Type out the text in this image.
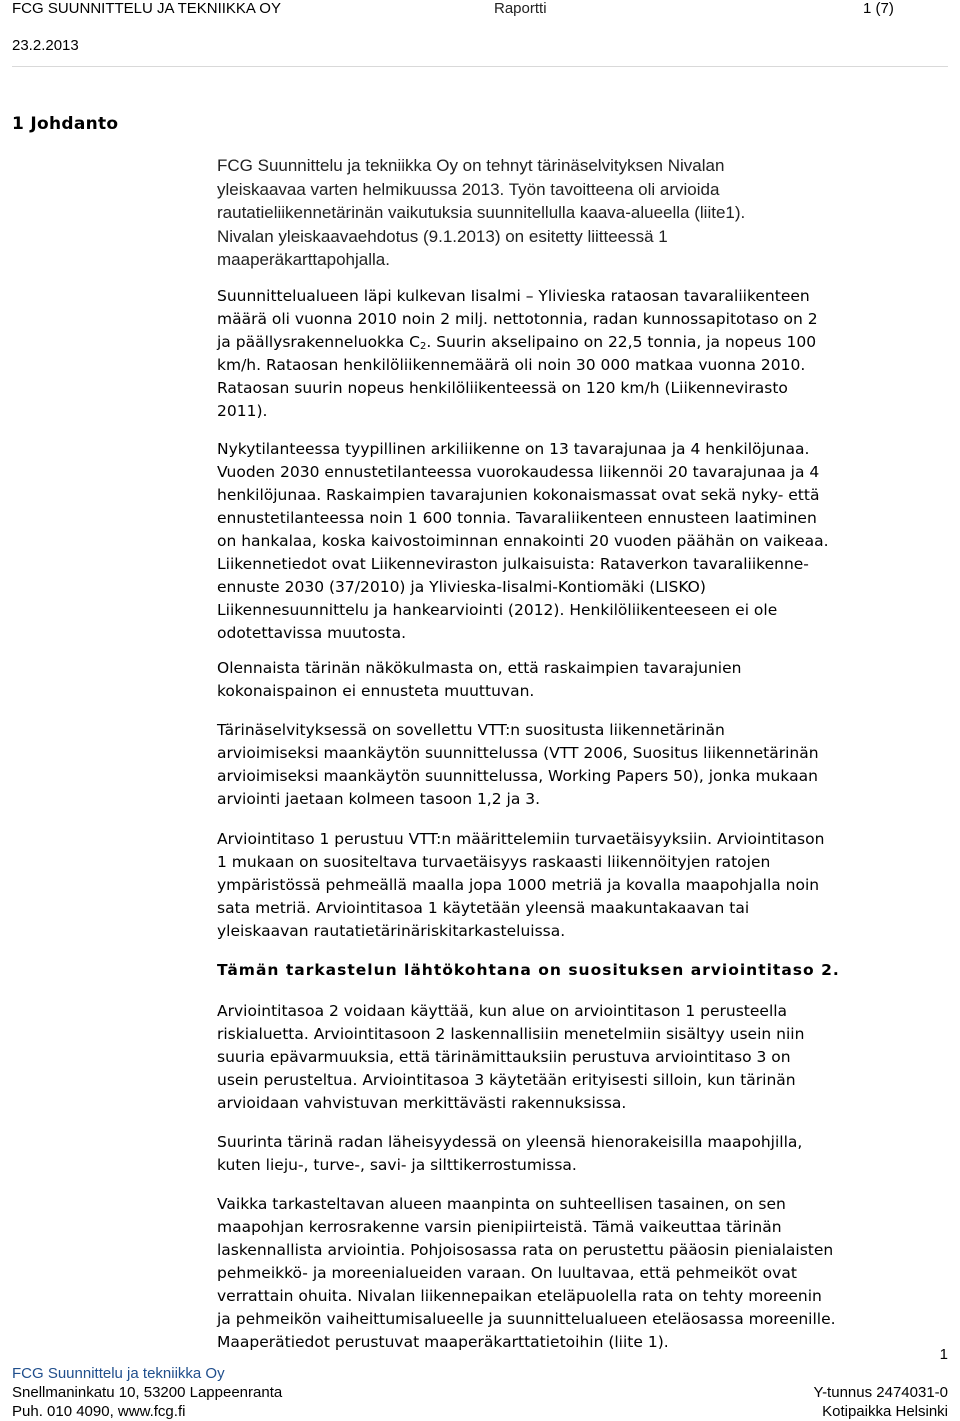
FCG SUUNNITTELU JA TEKNIIKKA OY	Raportti	1 (7)
23.2.2013
1 Johdanto

FCG Suunnittelu ja tekniikka Oy on tehnyt tärinäselvityksen Nivalan
yleiskaavaa varten helmikuussa 2013. Työn tavoitteena oli arvioida
rautatieliikennetärinän vaikutuksia suunnitellulla kaava-alueella (liite1).
Nivalan yleiskaavaehdotus (9.1.2013) on esitetty liitteessä 1
maaperäkarttapohjalla.

Suunnittelualueen läpi kulkevan Iisalmi – Ylivieska rataosan tavaraliikenteen
määrä oli vuonna 2010 noin 2 milj. nettotonnia, radan kunnossapitotaso on 2
ja päällysrakenneluokka $C_2$. Suurin akselipaino on 22,5 tonnia, ja nopeus 100
km/h. Rataosan henkilöliikennemäärä oli noin 30 000 matkaa vuonna 2010.
Rataosan suurin nopeus henkilöliikenteessä on 120 km/h (Liikennevirasto
2011).

Nykytilanteessa tyypillinen arkiliikenne on 13 tavarajunaa ja 4 henkilöjunaa.
Vuoden 2030 ennustetilanteessa vuorokaudessa liikennöi 20 tavarajunaa ja 4
henkilöjunaa. Raskaimpien tavarajunien kokonaismassat ovat sekä nyky- että
ennustetilanteessa noin 1 600 tonnia. Tavaraliikenteen ennusteen laatiminen
on hankalaa, koska kaivostoiminnan ennakointi 20 vuoden päähän on vaikeaa.
Liikennetiedot ovat Liikenneviraston julkaisuista: Rataverkon tavaraliikenne-
ennuste 2030 (37/2010) ja Ylivieska-Iisalmi-Kontiomäki (LISKO)
Liikennesuunnittelu ja hankearviointi (2012). Henkilöliikenteeseen ei ole
odotettavissa muutosta.

Olennaista tärinän näkökulmasta on, että raskaimpien tavarajunien
kokonaispainon ei ennusteta muuttuvan.

Tärinäselvityksessä on sovellettu VTT:n suositusta liikennetärinän
arvioimiseksi maankäytön suunnittelussa (VTT 2006, Suositus liikennetärinän
arvioimiseksi maankäytön suunnittelussa, Working Papers 50), jonka mukaan
arviointi jaetaan kolmeen tasoon 1,2 ja 3.

Arviointitaso 1 perustuu VTT:n määrittelemiin turvaetäisyyksiin. Arviointitason
1 mukaan on suositeltava turvaetäisyys raskaasti liikennöityjen ratojen
ympäristössä pehmeällä maalla jopa 1000 metriä ja kovalla maapohjalla noin
sata metriä. Arviointitasoa 1 käytetään yleensä maakuntakaavan tai
yleiskaavan rautatietärinäriskitarkasteluissa.

Tämän tarkastelun lähtökohtana on suosituksen arviointitaso 2.

Arviointitasoa 2 voidaan käyttää, kun alue on arviointitason 1 perusteella
riskialuetta. Arviointitasoon 2 laskennallisiin menetelmiin sisältyy usein niin
suuria epävarmuuksia, että tärinämittauksiin perustuva arviointitaso 3 on
usein perusteltua. Arviointitasoa 3 käytetään erityisesti silloin, kun tärinän
arvioidaan vahvistuvan merkittävästi rakennuksissa.

Suurinta tärinä radan läheisyydessä on yleensä hienorakeisilla maapohjilla,
kuten lieju-, turve-, savi- ja silttikerrostumissa.

Vaikka tarkasteltavan alueen maanpinta on suhteellisen tasainen, on sen
maapohjan kerrosrakenne varsin pienipiirteistä. Tämä vaikeuttaa tärinän
laskennallista arviointia. Pohjoisosassa rata on perustettu pääosin pienialaisten
pehmeikkö- ja moreenialueiden varaan. On luultavaa, että pehmeiköt ovat
verrattain ohuita. Nivalan liikennepaikan eteläpuolella rata on tehty moreenin
ja pehmeikön vaiheittumisalueelle ja suunnittelualueen eteläosassa moreenille.
Maaperätiedot perustuvat maaperäkarttatietoihin (liite 1).

1
FCG Suunnittelu ja tekniikka Oy
Snellmaninkatu 10, 53200 Lappeenranta
Puh. 010 4090, www.fcg.fi
Y-tunnus 2474031-0
Kotipaikka Helsinki
